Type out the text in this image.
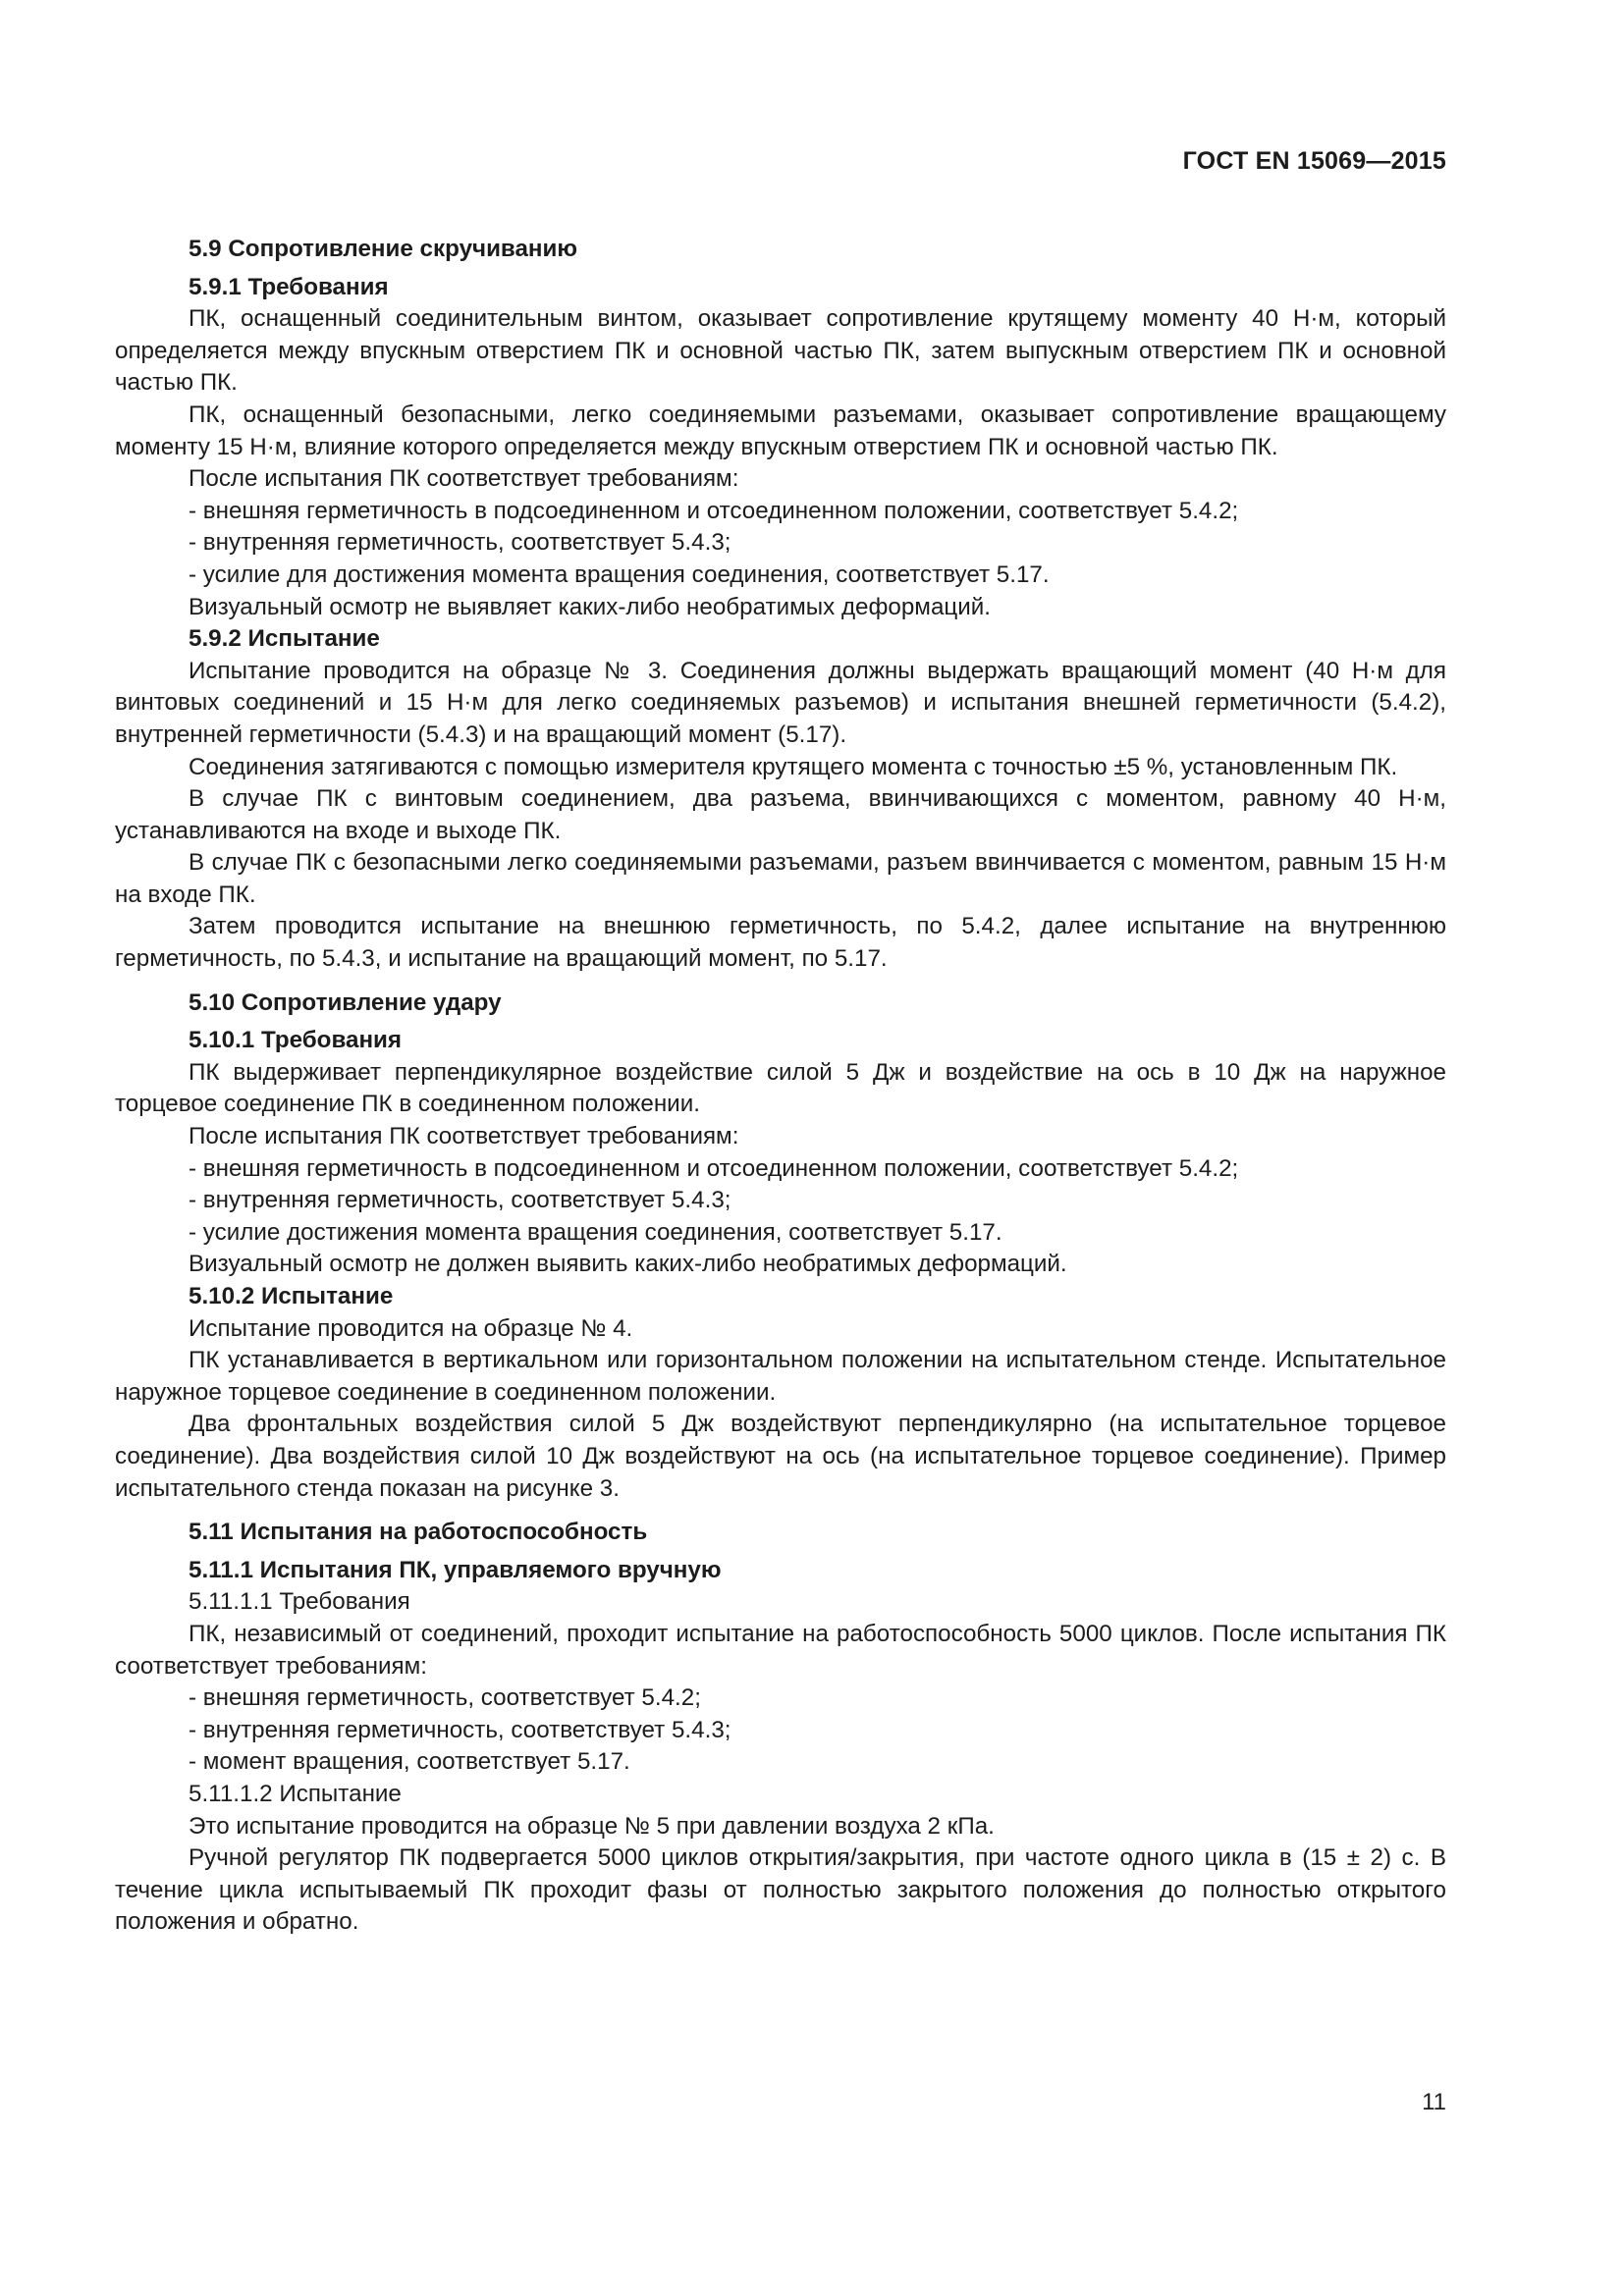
ГОСТ EN 15069—2015
5.9 Сопротивление скручиванию
5.9.1 Требования

ПК, оснащенный соединительным винтом, оказывает сопротивление крутящему моменту 40 Н·м, который определяется между впускным отверстием ПК и основной частью ПК, затем выпускным отверстием ПК и основной частью ПК.

ПК, оснащенный безопасными, легко соединяемыми разъемами, оказывает сопротивление вращающему моменту 15 Н·м, влияние которого определяется между впускным отверстием ПК и основной частью ПК.

После испытания ПК соответствует требованиям:

- внешняя герметичность в подсоединенном и отсоединенном положении, соответствует 5.4.2;
- внутренняя герметичность, соответствует 5.4.3;
- усилие для достижения момента вращения соединения, соответствует 5.17.

Визуальный осмотр не выявляет каких-либо необратимых деформаций.

5.9.2 Испытание

Испытание проводится на образце № 3. Соединения должны выдержать вращающий момент (40 Н·м для винтовых соединений и 15 Н·м для легко соединяемых разъемов) и испытания внешней герметичности (5.4.2), внутренней герметичности (5.4.3) и на вращающий момент (5.17).

Соединения затягиваются с помощью измерителя крутящего момента с точностью ±5 %, установленным ПК.

В случае ПК с винтовым соединением, два разъема, ввинчивающихся с моментом, равному 40 Н·м, устанавливаются на входе и выходе ПК.

В случае ПК с безопасными легко соединяемыми разъемами, разъем ввинчивается с моментом, равным 15 Н·м на входе ПК.

Затем проводится испытание на внешнюю герметичность, по 5.4.2, далее испытание на внутреннюю герметичность, по 5.4.3, и испытание на вращающий момент, по 5.17.

5.10 Сопротивление удару
5.10.1 Требования

ПК выдерживает перпендикулярное воздействие силой 5 Дж и воздействие на ось в 10 Дж на наружное торцевое соединение ПК в соединенном положении.

После испытания ПК соответствует требованиям:

- внешняя герметичность в подсоединенном и отсоединенном положении, соответствует 5.4.2;
- внутренняя герметичность, соответствует 5.4.3;
- усилие достижения момента вращения соединения, соответствует 5.17.

Визуальный осмотр не должен выявить каких-либо необратимых деформаций.

5.10.2 Испытание

Испытание проводится на образце № 4.

ПК устанавливается в вертикальном или горизонтальном положении на испытательном стенде. Испытательное наружное торцевое соединение в соединенном положении.

Два фронтальных воздействия силой 5 Дж воздействуют перпендикулярно (на испытательное торцевое соединение). Два воздействия силой 10 Дж воздействуют на ось (на испытательное торцевое соединение). Пример испытательного стенда показан на рисунке 3.

5.11 Испытания на работоспособность
5.11.1 Испытания ПК, управляемого вручную
5.11.1.1 Требования

ПК, независимый от соединений, проходит испытание на работоспособность 5000 циклов. После испытания ПК соответствует требованиям:

- внешняя герметичность, соответствует 5.4.2;
- внутренняя герметичность, соответствует 5.4.3;
- момент вращения, соответствует 5.17.
5.11.1.2 Испытание

Это испытание проводится на образце № 5 при давлении воздуха 2 кПа.

Ручной регулятор ПК подвергается 5000 циклов открытия/закрытия, при частоте одного цикла в (15 ± 2) с. В течение цикла испытываемый ПК проходит фазы от полностью закрытого положения до полностью открытого положения и обратно.

11
